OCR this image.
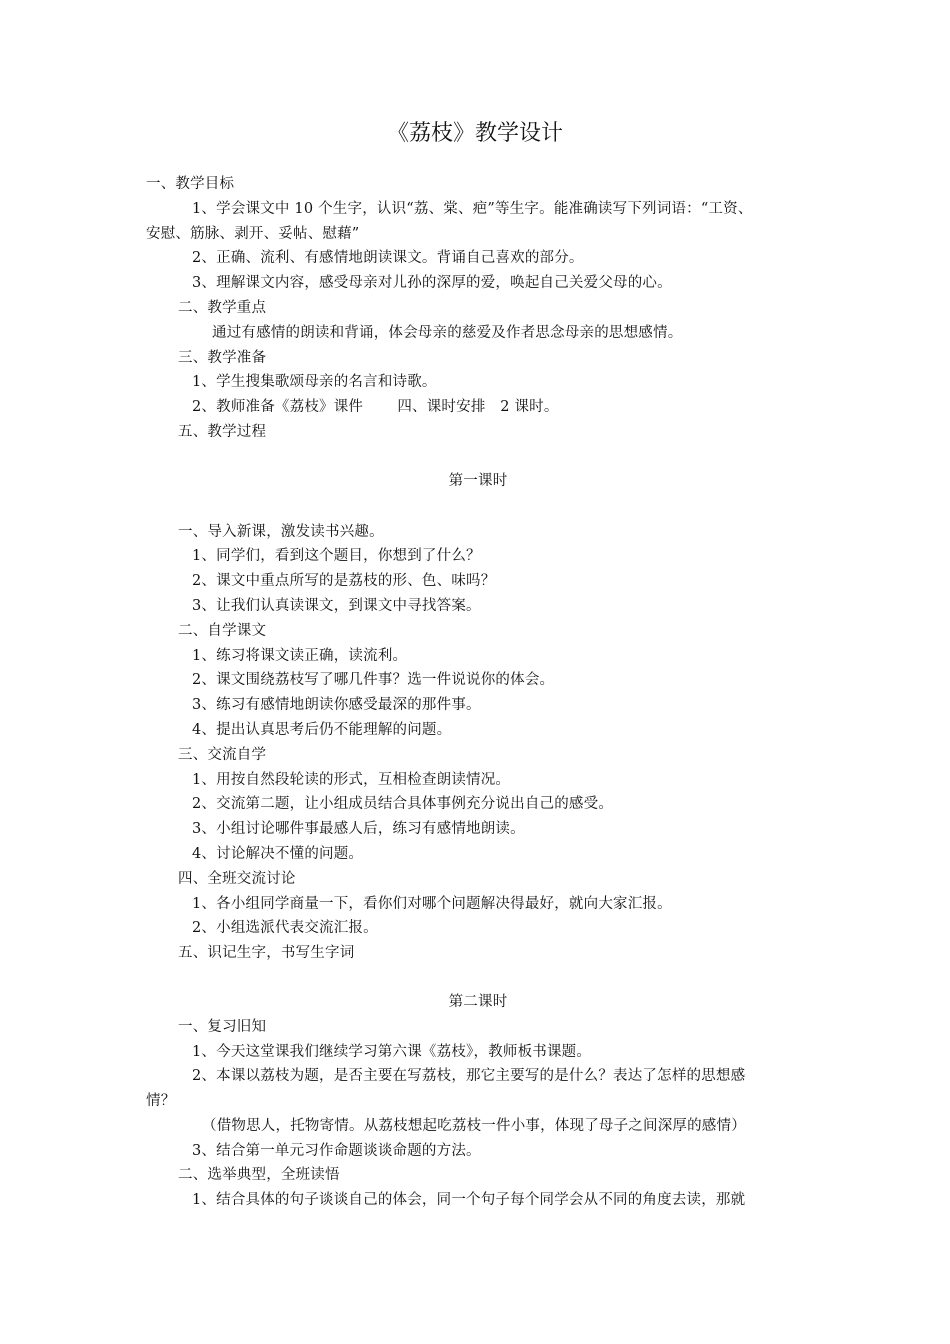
《荔枝》教学设计
一、教学目标
1、学会课文中 10 个生字，认识“荔、棠、疤”等生字。能准确读写下列词语：“工资、
安慰、筋脉、剥开、妥帖、慰藉”
2、正确、流利、有感情地朗读课文。背诵自己喜欢的部分。
3、理解课文内容，感受母亲对儿孙的深厚的爱，唤起自己关爱父母的心。
二、教学重点
通过有感情的朗读和背诵，体会母亲的慈爱及作者思念母亲的思想感情。
三、教学准备
1、学生搜集歌颂母亲的名言和诗歌。
2、教师准备《荔枝》课件　　 四、课时安排　2 课时。
五、教学过程
第一课时
一、导入新课，激发读书兴趣。
1、同学们，看到这个题目，你想到了什么？
2、课文中重点所写的是荔枝的形、色、味吗？
3、让我们认真读课文，到课文中寻找答案。
二、自学课文
1、练习将课文读正确，读流利。
2、课文围绕荔枝写了哪几件事？选一件说说你的体会。
3、练习有感情地朗读你感受最深的那件事。
4、提出认真思考后仍不能理解的问题。
三、交流自学
1、用按自然段轮读的形式，互相检查朗读情况。
2、交流第二题，让小组成员结合具体事例充分说出自己的感受。
3、小组讨论哪件事最感人后，练习有感情地朗读。
4、讨论解决不懂的问题。
四、全班交流讨论
1、各小组同学商量一下，看你们对哪个问题解决得最好，就向大家汇报。
2、小组选派代表交流汇报。
五、识记生字，书写生字词
第二课时
一、复习旧知
1、今天这堂课我们继续学习第六课《荔枝》，教师板书课题。
2、本课以荔枝为题，是否主要在写荔枝，那它主要写的是什么？表达了怎样的思想感
情？
（借物思人，托物寄情。从荔枝想起吃荔枝一件小事，体现了母子之间深厚的感情）
3、结合第一单元习作命题谈谈命题的方法。
二、选举典型，全班读悟
1、结合具体的句子谈谈自己的体会，同一个句子每个同学会从不同的角度去读，那就
